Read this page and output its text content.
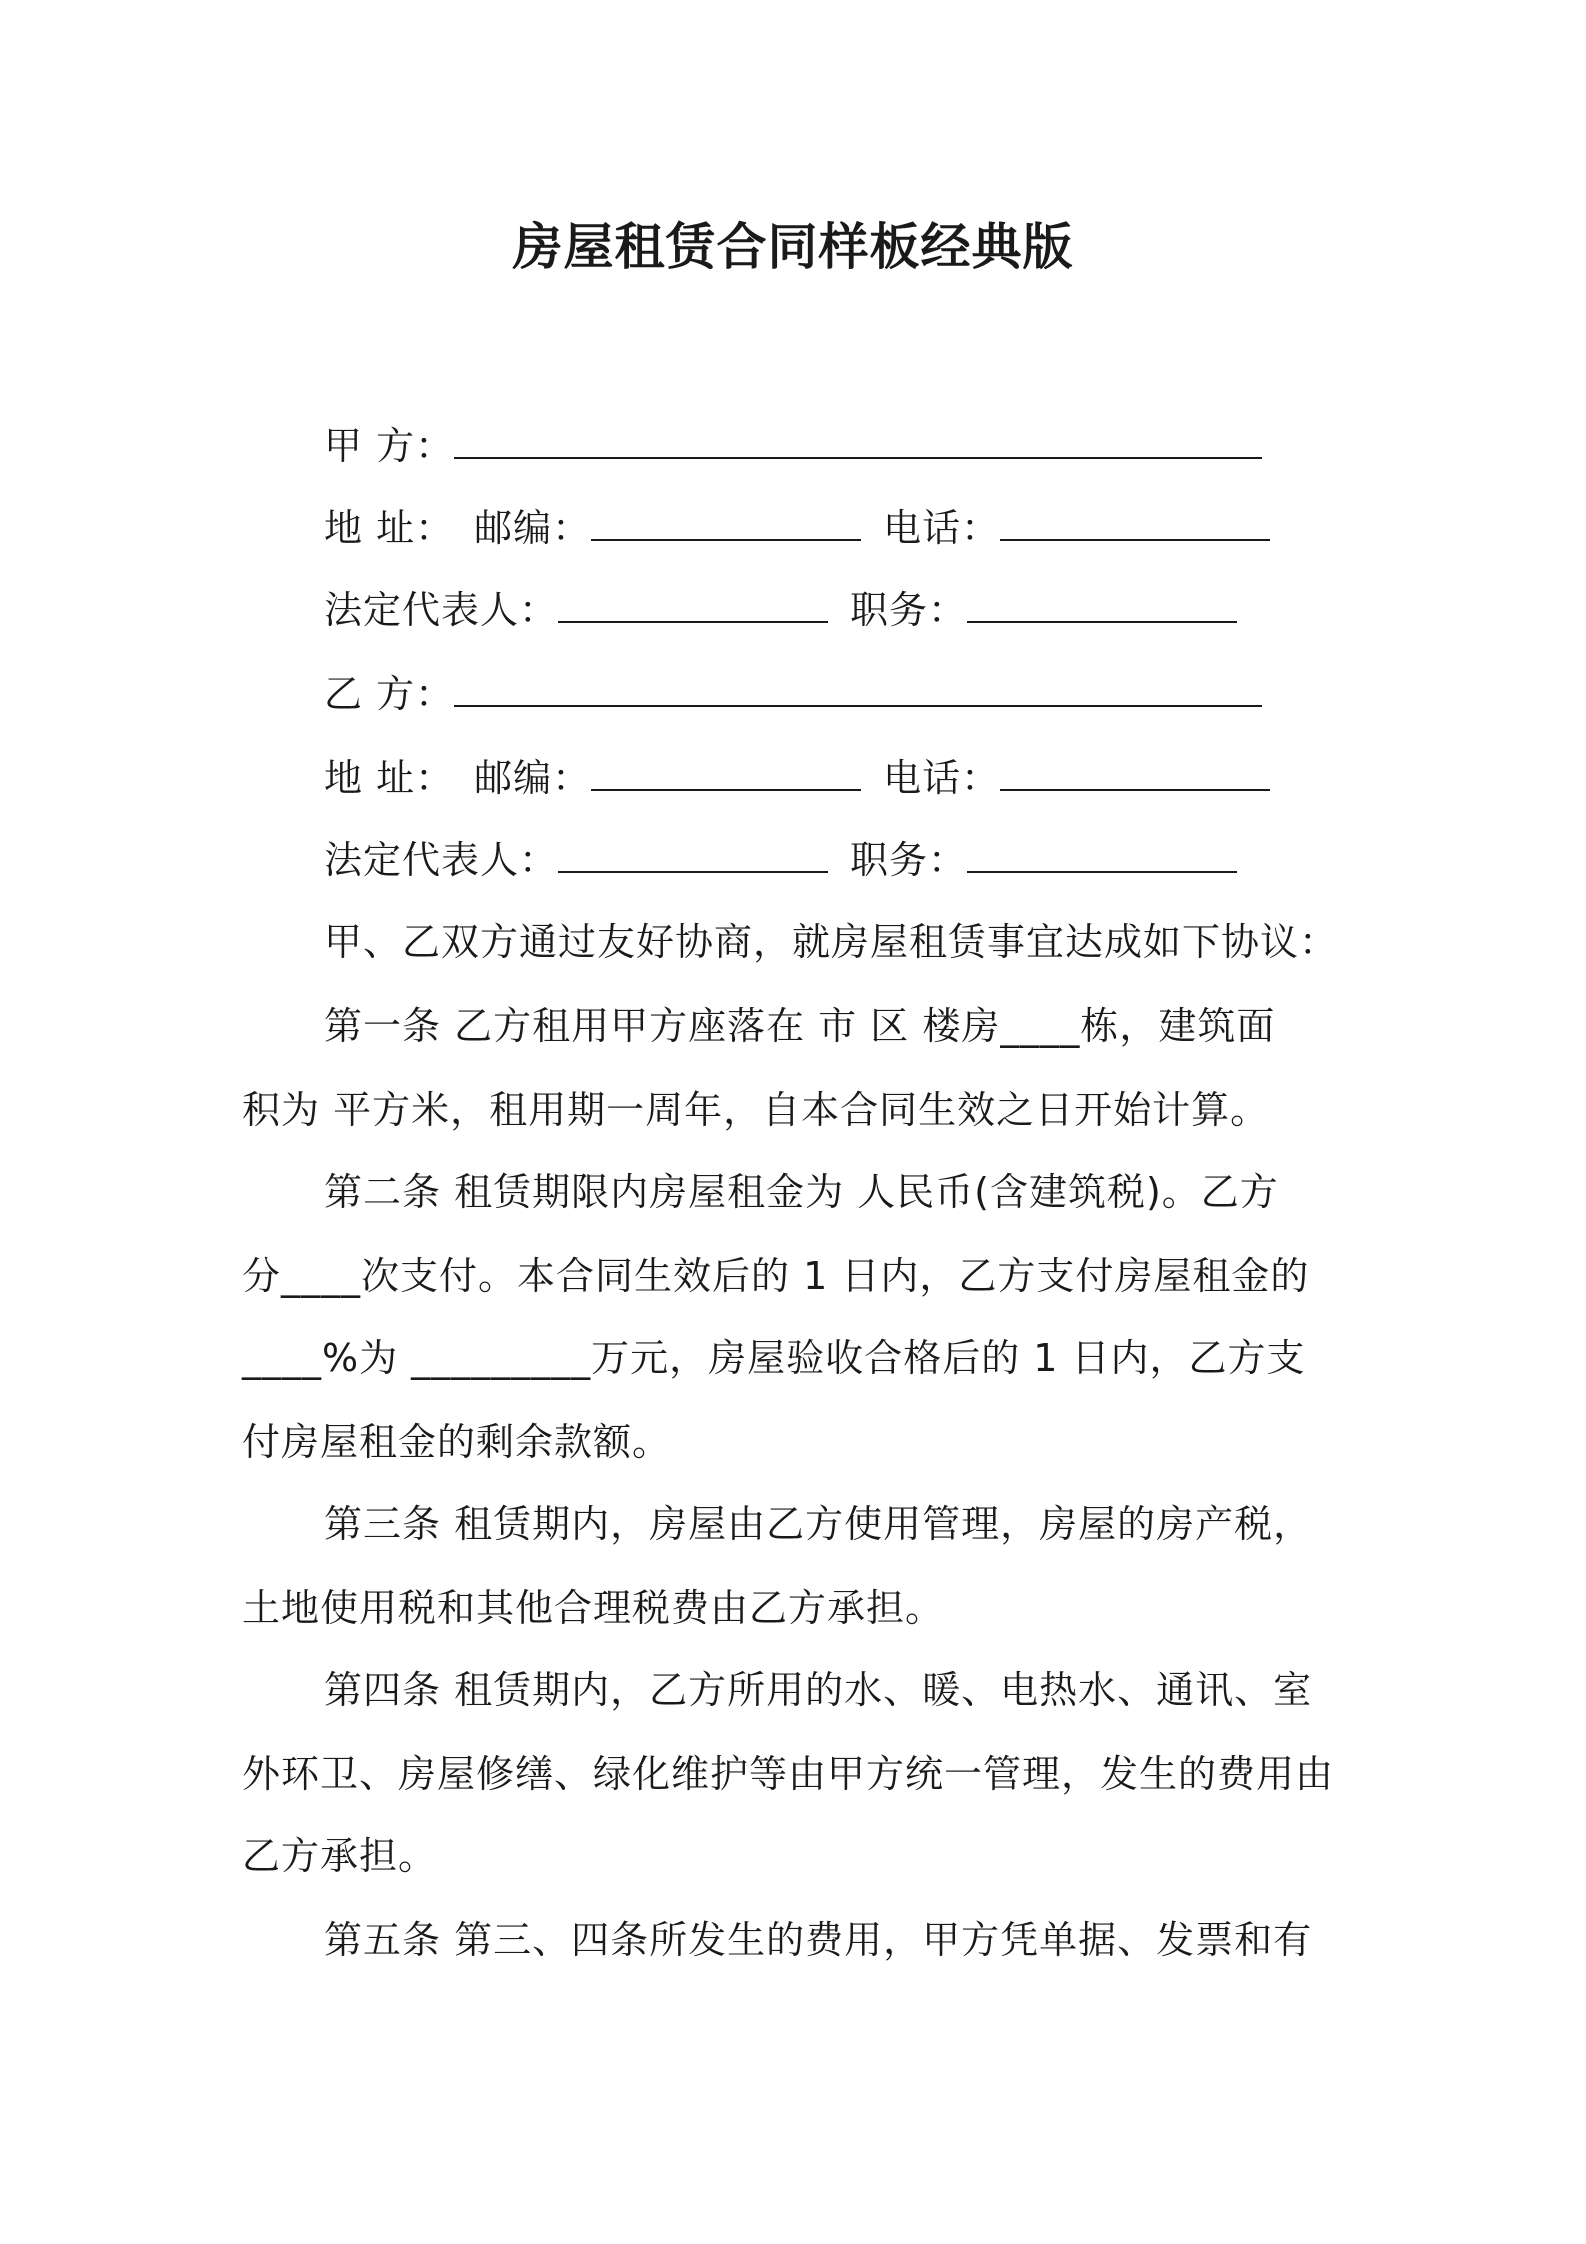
房屋租赁合同样板经典版
甲 方：
地 址： 邮编：	电话：
法定代表人：	职务：
乙 方：
地 址： 邮编：	电话：
法定代表人：	职务：
甲、乙双方通过友好协商，就房屋租赁事宜达成如下协议：
第一条 乙方租用甲方座落在 市 区 楼房____栋，建筑面
积为 平方米，租用期一周年，自本合同生效之日开始计算。
第二条 租赁期限内房屋租金为 人民币(含建筑税)。乙方
分____次支付。本合同生效后的 1 日内，乙方支付房屋租金的
____%为 _________万元，房屋验收合格后的 1 日内，乙方支
付房屋租金的剩余款额。
第三条 租赁期内，房屋由乙方使用管理，房屋的房产税，
土地使用税和其他合理税费由乙方承担。
第四条 租赁期内，乙方所用的水、暖、电热水、通讯、室
外环卫、房屋修缮、绿化维护等由甲方统一管理，发生的费用由
乙方承担。
第五条 第三、四条所发生的费用，甲方凭单据、发票和有
